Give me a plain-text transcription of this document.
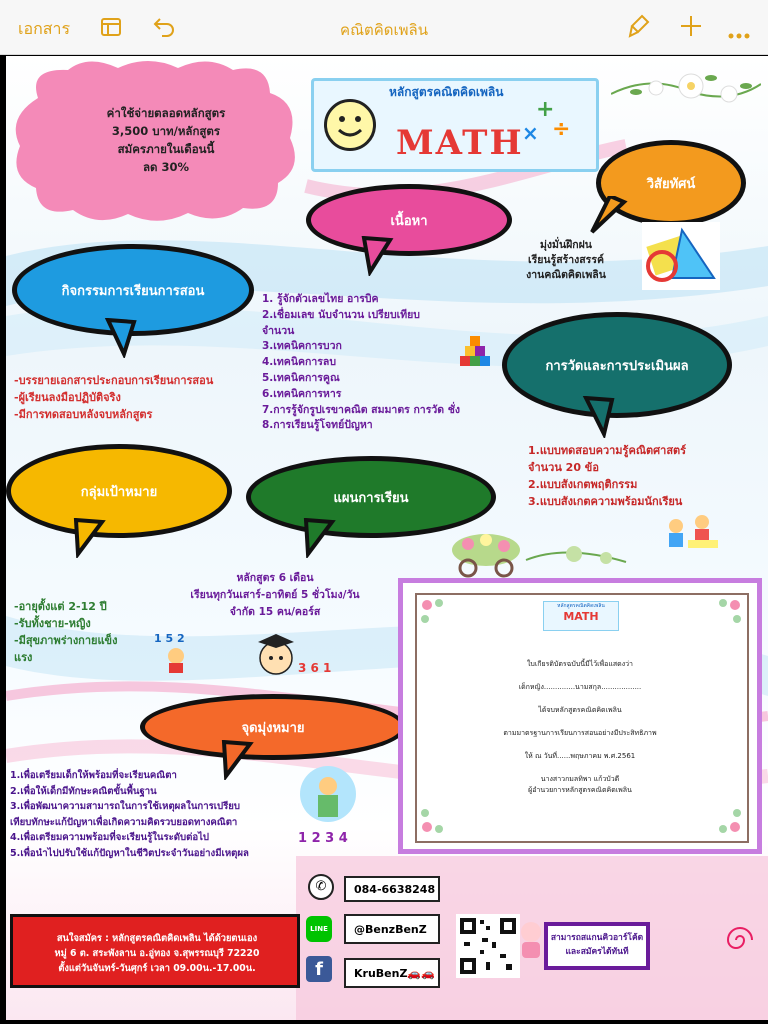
เอกสาร	คณิตคิดเพลิน
ค่าใช้จ่ายตลอดหลักสูตร
3,500 บาท/หลักสูตร
สมัครภายในเดือนนี้
ลด 30%
หลักสูตรคณิตคิดเพลิน
MATH
+
÷
×
วิสัยทัศน์
มุ่งมั่นฝึกฝน
เรียนรู้สร้างสรรค์
งานคณิตคิดเพลิน
เนื้อหา
1. รู้จักตัวเลขไทย อารบิค
2.เชื่อมเลข นับจำนวน เปรียบเทียบ
จำนวน
3.เทคนิคการบวก
4.เทคนิคการลบ
5.เทคนิคการคูณ
6.เทคนิคการหาร
7.การรู้จักรูปเรขาคณิต สมมาตร การวัด ชั่ง
8.การเรียนรู้โจทย์ปัญหา
กิจกรรมการเรียนการสอน
-บรรยายเอกสารประกอบการเรียนการสอน
-ผู้เรียนลงมือปฏิบัติจริง
-มีการทดสอบหลังจบหลักสูตร
การวัดและการประเมินผล
1.แบบทดสอบความรู้คณิตศาสตร์
จำนวน 20 ข้อ
2.แบบสังเกตพฤติกรรม
3.แบบสังเกตความพร้อมนักเรียน
กลุ่มเป้าหมาย
-อายุตั้งแต่ 2-12 ปี
-รับทั้งชาย-หญิง
-มีสุขภาพร่างกายแข็ง
แรง
1 5 2
แผนการเรียน
หลักสูตร 6 เดือน
เรียนทุกวันเสาร์-อาทิตย์ 5 ชั่วโมง/วัน
จำกัด 15 คน/คอร์ส
3 6 1
จุดมุ่งหมาย
1.เพื่อเตรียมเด็กให้พร้อมที่จะเรียนคณิตา
2.เพื่อให้เด็กมีทักษะคณิตขั้นพื้นฐาน
3.เพื่อพัฒนาความสามารถในการใช้เหตุผลในการเปรียบ
เทียบทักษะแก้ปัญหาเพื่อเกิดความคิดรวบยอดทางคณิตา
4.เพื่อเตรียมความพร้อมที่จะเรียนรู้ในระดับต่อไป
5.เพื่อนำไปปรับใช้แก้ปัญหาในชีวิตประจำวันอย่างมีเหตุผล
1 2 3 4
หลักสูตรคณิตคิดเพลิน
MATH
ใบเกียรติบัตรฉบับนี้มีไว้เพื่อแสดงว่า
เด็กหญิง..............นามสกุล..................
ได้จบหลักสูตรคณิตคิดเพลิน
ตามมาตรฐานการเรียนการสอนอย่างมีประสิทธิภาพ
ให้ ณ วันที่......พฤษภาคม พ.ศ.2561
นางสาวกมลทิพา แก้วบัวดี
ผู้อำนวยการหลักสูตรคณิตคิดเพลิน
✆	084-6638248
LINE	@BenzBenZ
f	KruBenZ🚗🚗
สนใจสมัคร : หลักสูตรคณิตคิดเพลิน ได้ด้วยตนเอง
หมู่ 6 ต. สระพังลาน อ.อู่ทอง จ.สุพรรณบุรี 72220
ตั้งแต่วันจันทร์-วันศุกร์ เวลา 09.00น.-17.00น.
สามารถสแกนคิวอาร์โค้ด
และสมัครได้ทันที
